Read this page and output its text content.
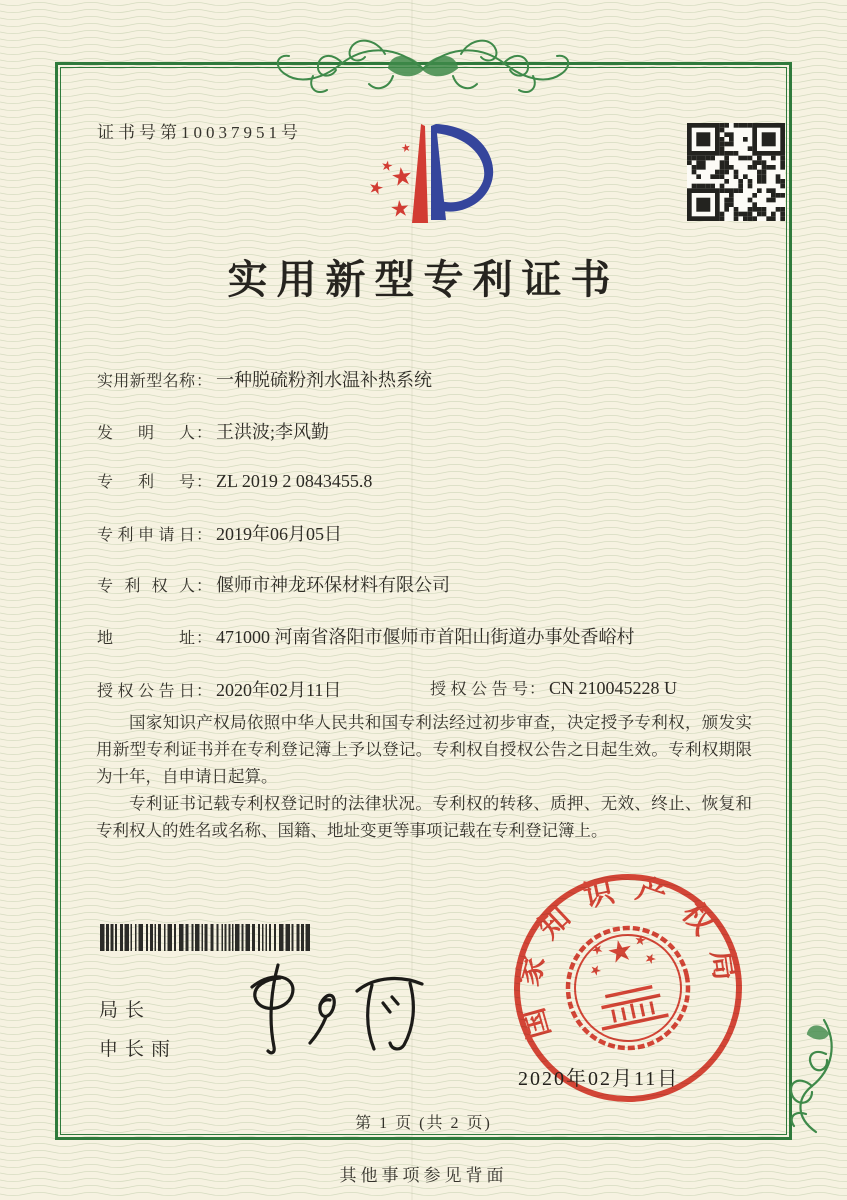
证书号第10037951号
实用新型专利证书
实用新型名称： 一种脱硫粉剂水温补热系统
发明人： 王洪波;李风勤
专利号： ZL 2019 2 0843455.8
专利申请日： 2019年06月05日
专利权人： 偃师市神龙环保材料有限公司
地址： 471000 河南省洛阳市偃师市首阳山街道办事处香峪村
授权公告日： 2020年02月11日	授权公告号： CN 210045228 U

国家知识产权局依照中华人民共和国专利法经过初步审查，决定授予专利权，颁发实用新型专利证书并在专利登记簿上予以登记。专利权自授权公告之日起生效。专利权期限为十年，自申请日起算。

专利证书记载专利权登记时的法律状况。专利权的转移、质押、无效、终止、恢复和专利权人的姓名或名称、国籍、地址变更等事项记载在专利登记簿上。

国家知识产权局
2020年02月11日
局长
申长雨
第 1 页 (共 2 页)
其他事项参见背面
